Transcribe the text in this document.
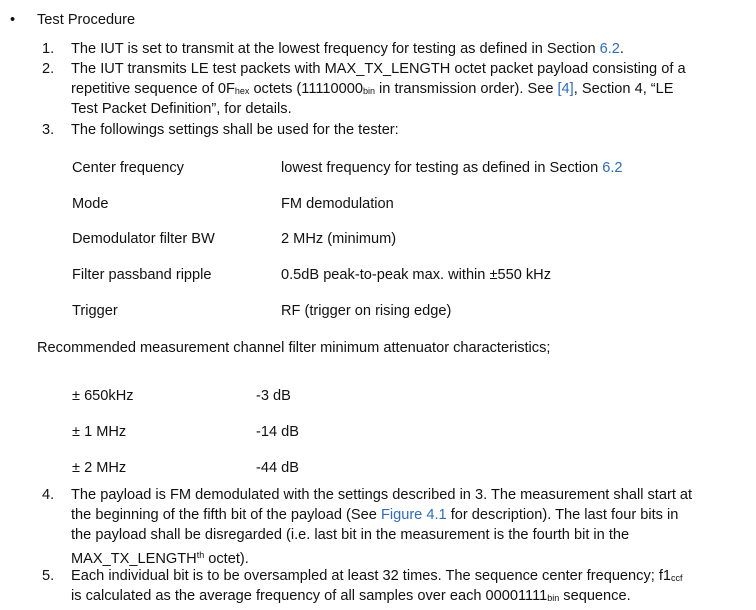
• Test Procedure
1. The IUT is set to transmit at the lowest frequency for testing as defined in Section 6.2.
2. The IUT transmits LE test packets with MAX_TX_LENGTH octet packet payload consisting of a
repetitive sequence of 0Fhex octets (11110000bin in transmission order). See [4], Section 4, “LE
Test Packet Definition”, for details.
3. The followings settings shall be used for the tester:
Center frequency	lowest frequency for testing as defined in Section 6.2
Mode	FM demodulation
Demodulator filter BW	2 MHz (minimum)
Filter passband ripple	0.5dB peak-to-peak max. within ±550 kHz
Trigger	RF (trigger on rising edge)
Recommended measurement channel filter minimum attenuator characteristics;
± 650kHz	-3 dB
± 1 MHz	-14 dB
± 2 MHz	-44 dB
4. The payload is FM demodulated with the settings described in 3. The measurement shall start at
the beginning of the fifth bit of the payload (See Figure 4.1 for description). The last four bits in
the payload shall be disregarded (i.e. last bit in the measurement is the fourth bit in the
$MAX\_TX\_LENGTH^{th}$ octet).
5. Each individual bit is to be oversampled at least 32 times. The sequence center frequency; f1ccf
is calculated as the average frequency of all samples over each 00001111bin sequence.
